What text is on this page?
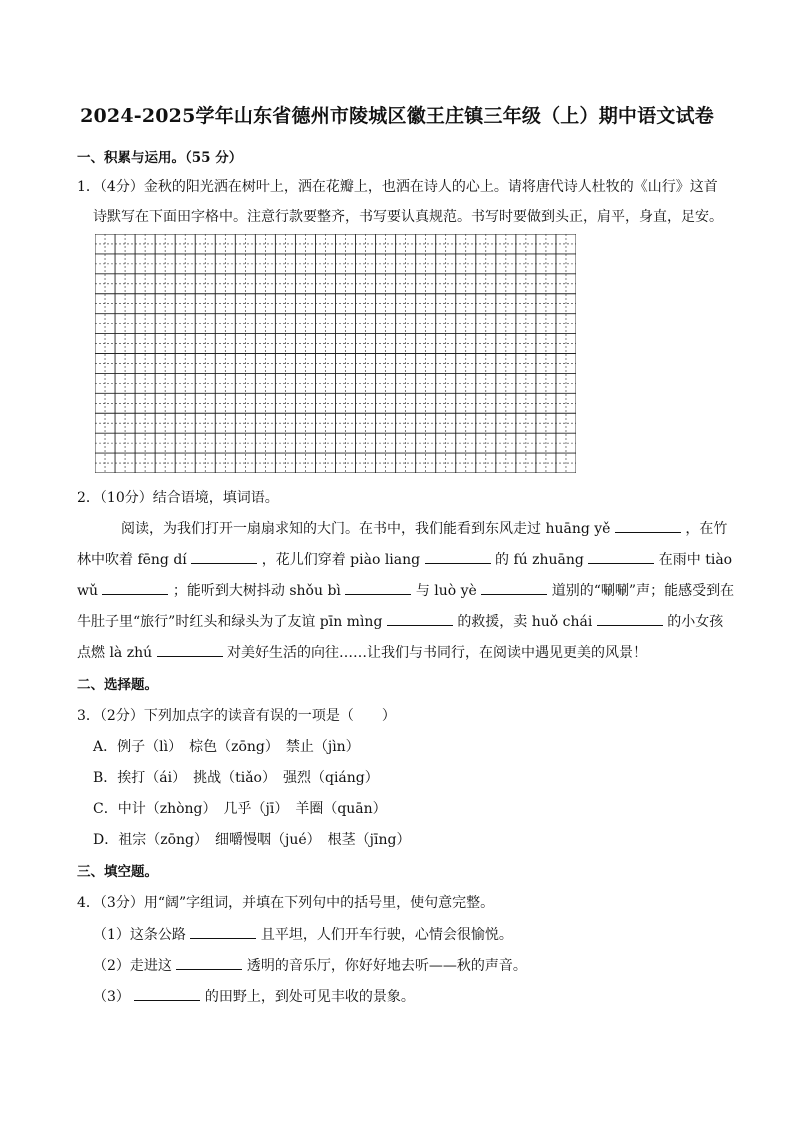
2024-2025学年山东省德州市陵城区徽王庄镇三年级（上）期中语文试卷
一、积累与运用。（55 分）
1．（4分）金秋的阳光洒在树叶上，洒在花瓣上，也洒在诗人的心上。请将唐代诗人杜牧的《山行》这首
诗默写在下面田字格中。注意行款要整齐，书写要认真规范。书写时要做到头正，肩平，身直，足安。
2．（10分）结合语境，填词语。
阅读，为我们打开一扇扇求知的大门。在书中，我们能看到东风走过 huāng yě	，在竹
林中吹着 fēng dí	，花儿们穿着 piào liang	的 fú zhuāng	在雨中 tiào
wǔ	；能听到大树抖动 shǒu bì	与 luò yè	道别的“唰唰”声；能感受到在
牛肚子里“旅行”时红头和绿头为了友谊 pīn mìng	的救援，卖 huǒ chái	的小女孩
点燃 là zhú	对美好生活的向往……让我们与书同行，在阅读中遇见更美的风景！
二、选择题。
3．（2分）下列加点字的读音有误的一项是（　　）
A．例子（lì）　棕色（zōng）　禁止（jìn）
B．挨打（ái）　挑战（tiǎo）　强烈（qiáng）
C．中计（zhòng）　几乎（jī）　羊圈（quān）
D．祖宗（zōng）　细嚼慢咽（jué）　根茎（jīng）
三、填空题。
4．（3分）用“阔”字组词，并填在下列句中的括号里，使句意完整。
（1）这条公路	且平坦，人们开车行驶，心情会很愉悦。
（2）走进这	透明的音乐厅，你好好地去听——秋的声音。
（3）	的田野上，到处可见丰收的景象。
